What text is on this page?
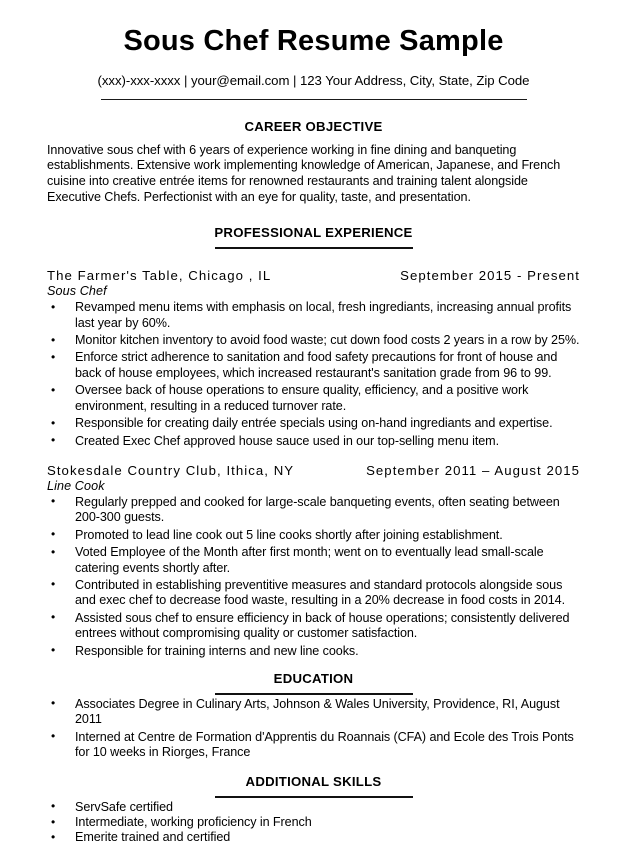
Sous Chef Resume Sample
(xxx)-xxx-xxxx | your@email.com | 123 Your Address, City, State, Zip Code
CAREER OBJECTIVE

Innovative sous chef with 6 years of experience working in fine dining and banqueting establishments. Extensive work implementing knowledge of American, Japanese, and French cuisine into creative entrée items for renowned restaurants and training talent alongside Executive Chefs. Perfectionist with an eye for quality, taste, and presentation.

PROFESSIONAL EXPERIENCE
The Farmer's Table, Chicago , IL	September 2015 - Present
Sous Chef
• Revamped menu items with emphasis on local, fresh ingrediants, increasing annual profits last year by 60%.
• Monitor kitchen inventory to avoid food waste; cut down food costs 2 years in a row by 25%.
• Enforce strict adherence to sanitation and food safety precautions for front of house and back of house employees, which increased restaurant's sanitation grade from 96 to 99.
• Oversee back of house operations to ensure quality, efficiency, and a positive work environment, resulting in a reduced turnover rate.
• Responsible for creating daily entrée specials using on-hand ingrediants and expertise.
• Created Exec Chef approved house sauce used in our top-selling menu item.
Stokesdale Country Club, Ithica, NY	September 2011 – August 2015
Line Cook
• Regularly prepped and cooked for large-scale banqueting events, often seating between 200-300 guests.
• Promoted to lead line cook out 5 line cooks shortly after joining establishment.
• Voted Employee of the Month after first month; went on to eventually lead small-scale catering events shortly after.
• Contributed in establishing preventitive measures and standard protocols alongside sous and exec chef to decrease food waste, resulting in a 20% decrease in food costs in 2014.
• Assisted sous chef to ensure efficiency in back of house operations; consistently delivered entrees without compromising quality or customer satisfaction.
• Responsible for training interns and new line cooks.
EDUCATION
• Associates Degree in Culinary Arts, Johnson & Wales University, Providence, RI, August 2011
• Interned at Centre de Formation d'Apprentis du Roannais (CFA) and Ecole des Trois Ponts for 10 weeks in Riorges, France
ADDITIONAL SKILLS
• ServSafe certified
• Intermediate, working proficiency in French
• Emerite trained and certified
